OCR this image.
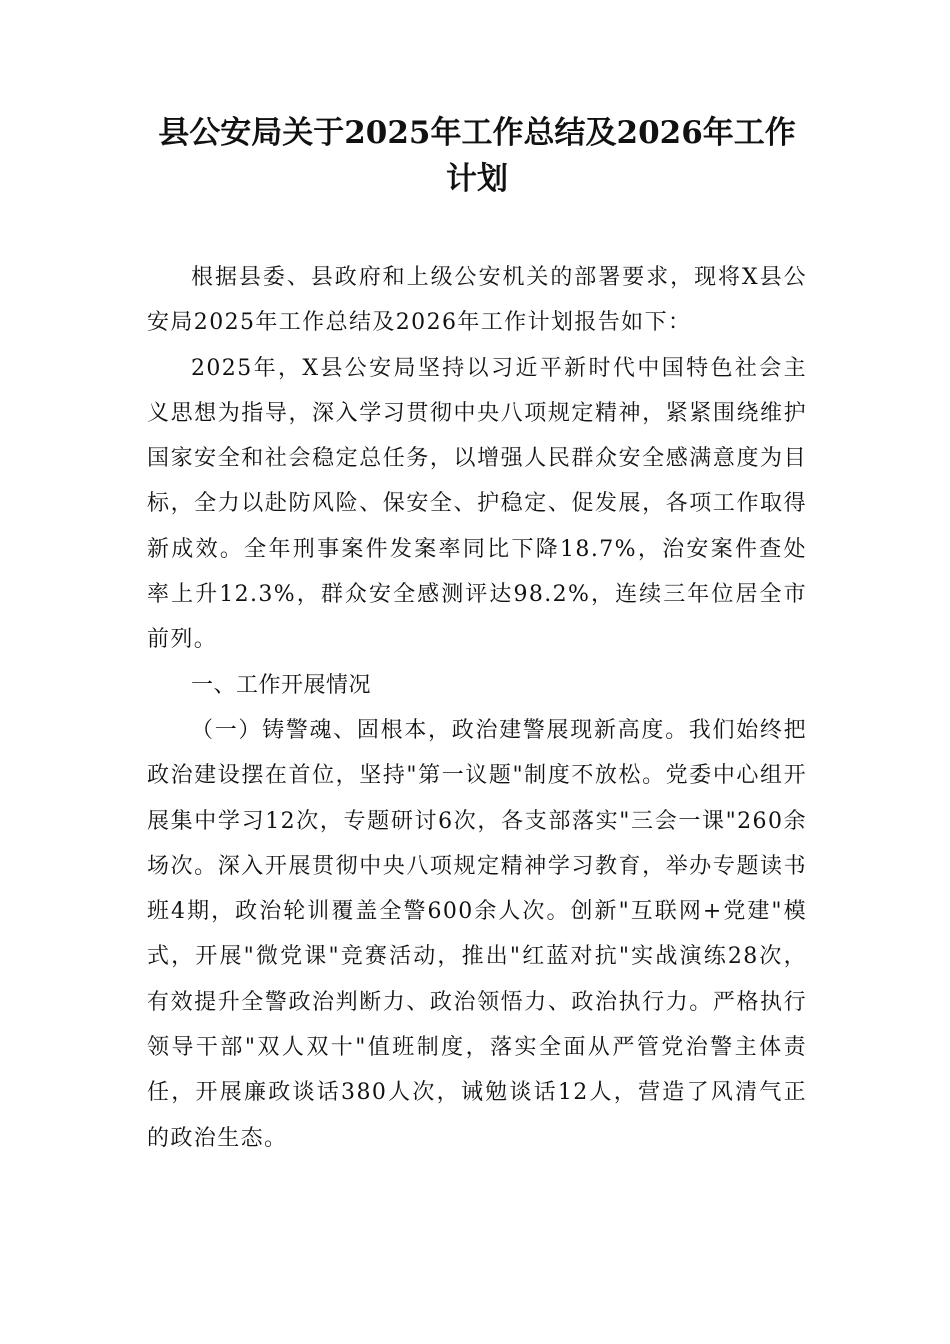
县公安局关于2025年工作总结及2026年工作计划

根据县委、县政府和上级公安机关的部署要求，现将X县公安局2025年工作总结及2026年工作计划报告如下：

2025年，X县公安局坚持以习近平新时代中国特色社会主义思想为指导，深入学习贯彻中央八项规定精神，紧紧围绕维护国家安全和社会稳定总任务，以增强人民群众安全感满意度为目标，全力以赴防风险、保安全、护稳定、促发展，各项工作取得新成效。全年刑事案件发案率同比下降18.7%，治安案件查处率上升12.3%，群众安全感测评达98.2%，连续三年位居全市前列。

一、工作开展情况

（一）铸警魂、固根本，政治建警展现新高度。我们始终把政治建设摆在首位，坚持"第一议题"制度不放松。党委中心组开展集中学习12次，专题研讨6次，各支部落实"三会一课"260余场次。深入开展贯彻中央八项规定精神学习教育，举办专题读书班4期，政治轮训覆盖全警600余人次。创新"互联网+党建"模式，开展"微党课"竞赛活动，推出"红蓝对抗"实战演练28次，有效提升全警政治判断力、政治领悟力、政治执行力。严格执行领导干部"双人双十"值班制度，落实全面从严管党治警主体责任，开展廉政谈话380人次，诫勉谈话12人，营造了风清气正的政治生态。
